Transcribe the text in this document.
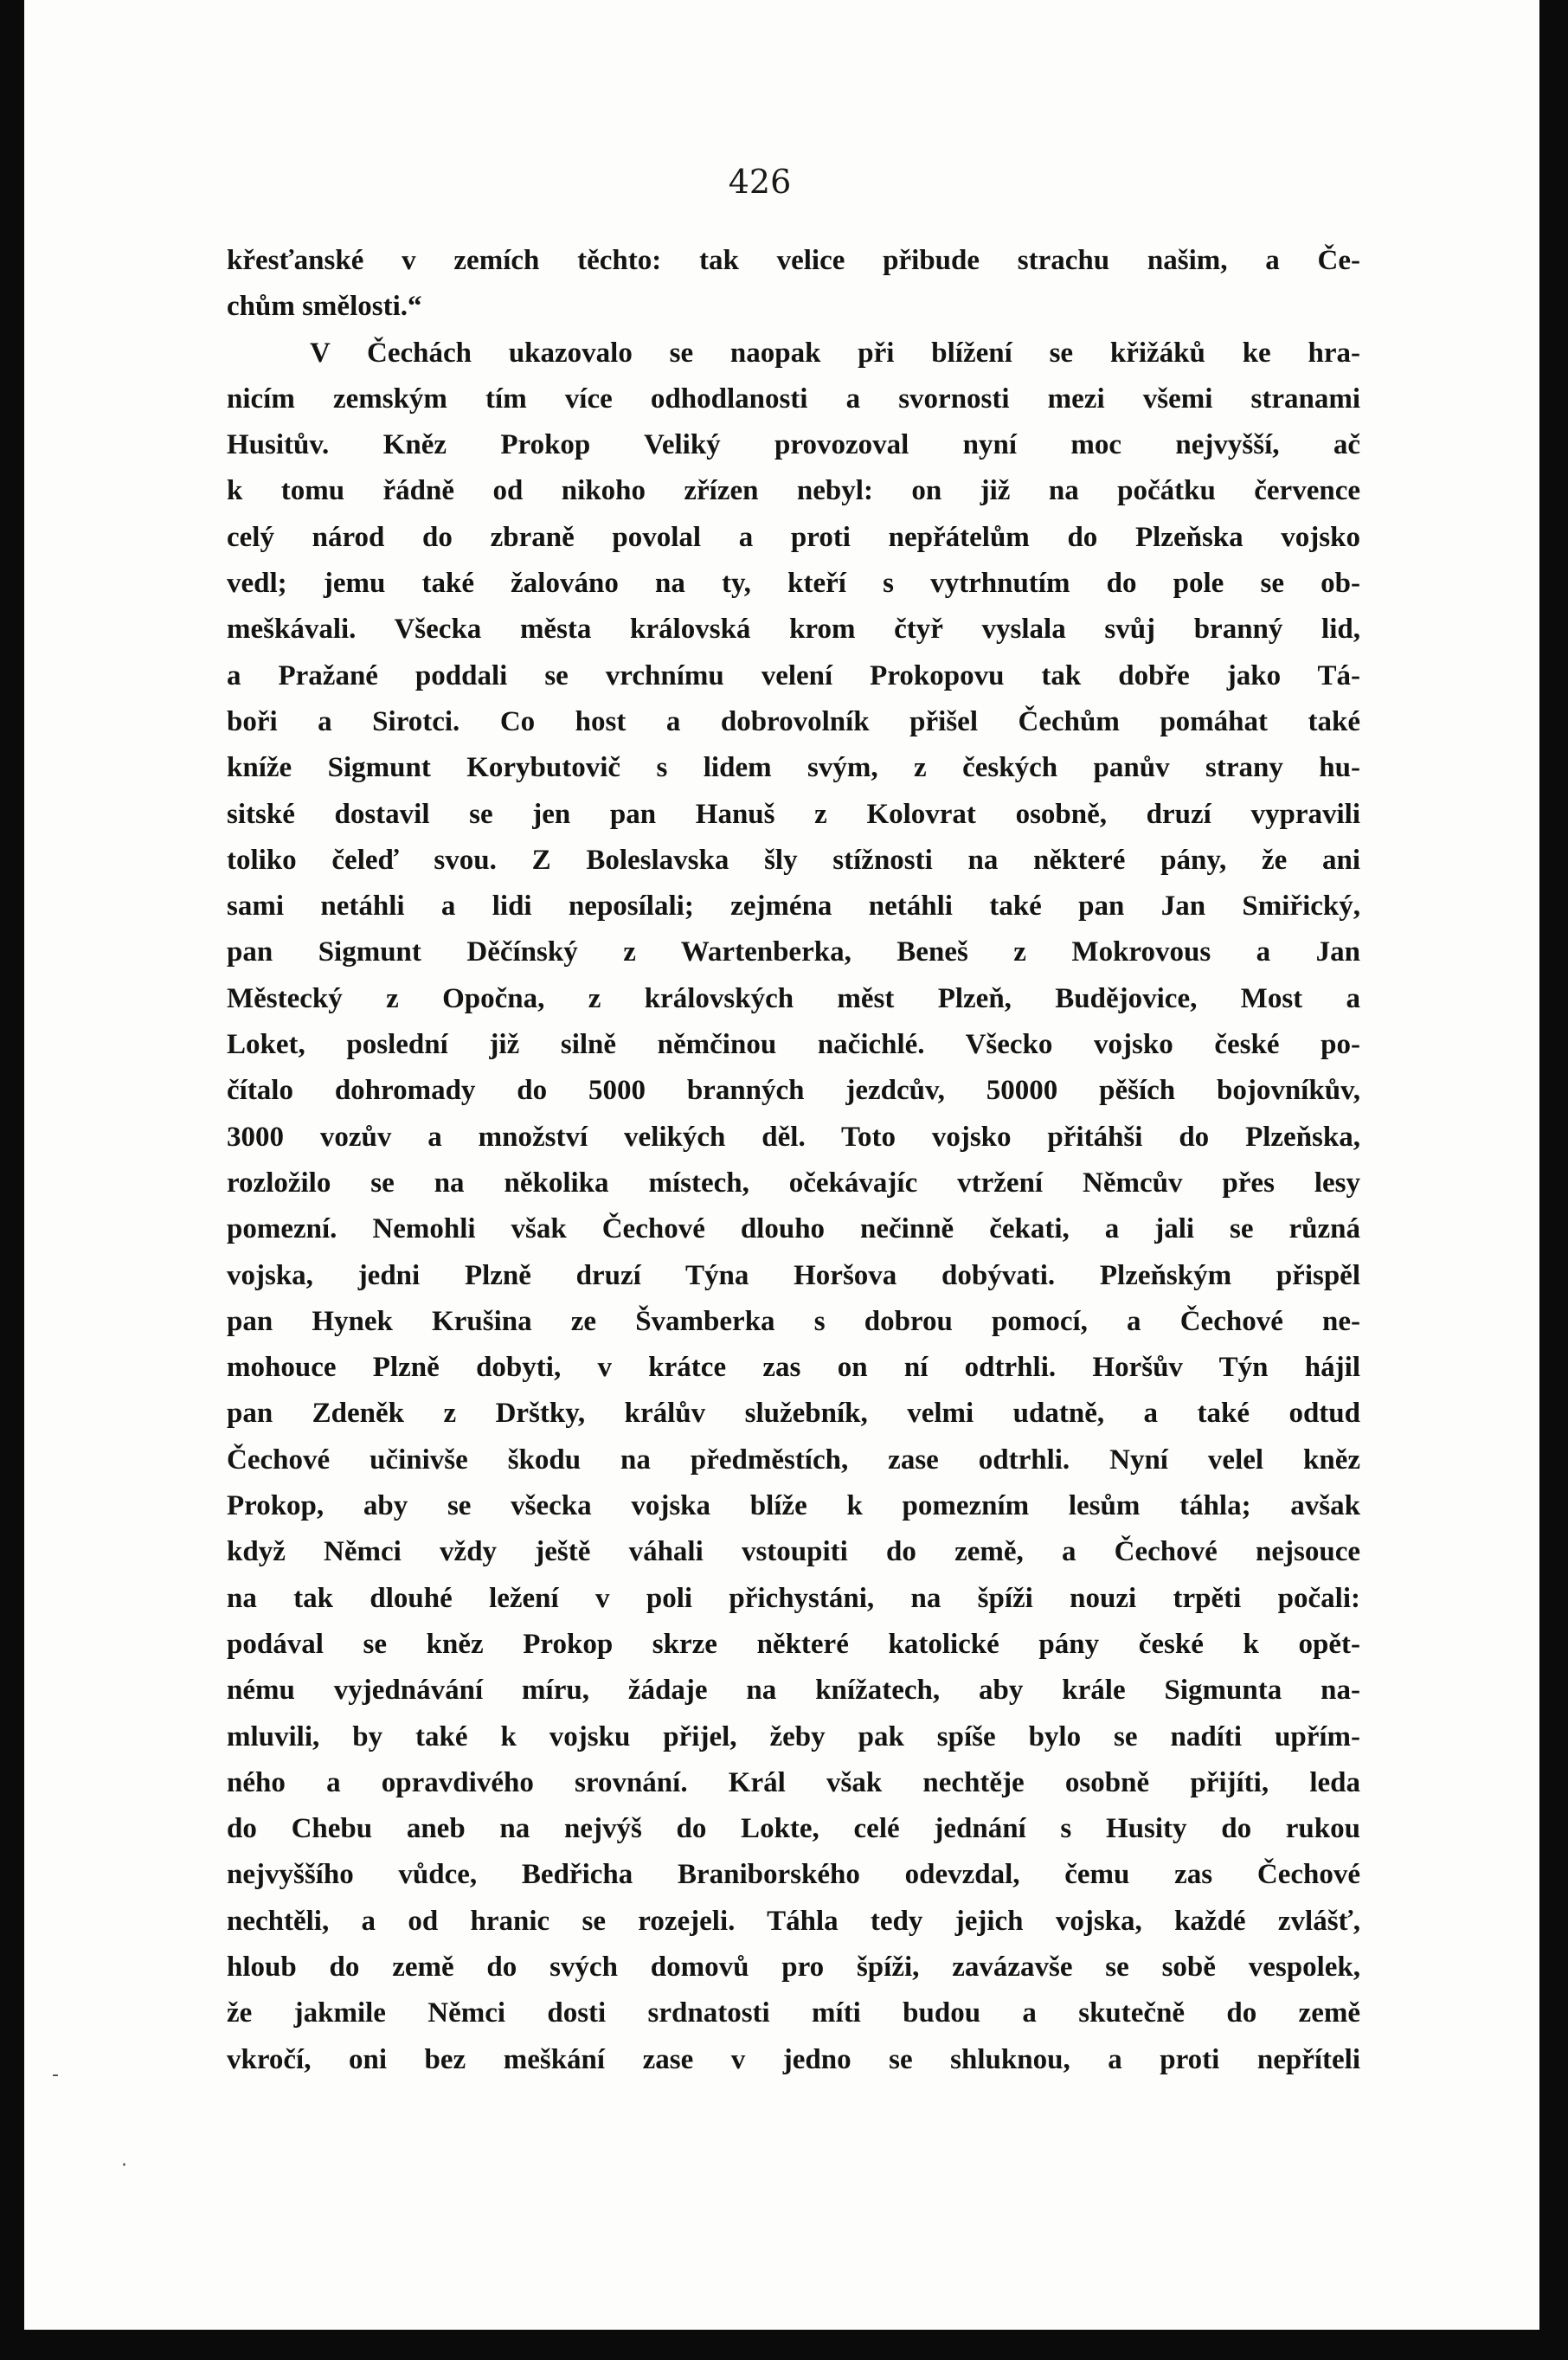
426
křesťanské v zemích těchto: tak velice přibude strachu našim, a Če-
chům smělosti.“
V Čechách ukazovalo se naopak při blížení se křižáků ke hra-
nicím zemským tím více odhodlanosti a svornosti mezi všemi stranami
Husitův. Kněz Prokop Veliký provozoval nyní moc nejvyšší, ač
k tomu řádně od nikoho zřízen nebyl: on již na počátku července
celý národ do zbraně povolal a proti nepřátelům do Plzeňska vojsko
vedl; jemu také žalováno na ty, kteří s vytrhnutím do pole se ob-
meškávali. Všecka města královská krom čtyř vyslala svůj branný lid,
a Pražané poddali se vrchnímu velení Prokopovu tak dobře jako Tá-
boři a Sirotci. Co host a dobrovolník přišel Čechům pomáhat také
kníže Sigmunt Korybutovič s lidem svým, z českých panův strany hu-
sitské dostavil se jen pan Hanuš z Kolovrat osobně, druzí vypravili
toliko čeleď svou. Z Boleslavska šly stížnosti na některé pány, že ani
sami netáhli a lidi neposílali; zejména netáhli také pan Jan Smiřický,
pan Sigmunt Děčínský z Wartenberka, Beneš z Mokrovous a Jan
Městecký z Opočna, z královských měst Plzeň, Budějovice, Most a
Loket, poslední již silně němčinou načichlé. Všecko vojsko české po-
čítalo dohromady do 5000 branných jezdcův, 50000 pěších bojovníkův,
3000 vozův a množství velikých děl. Toto vojsko přitáhši do Plzeňska,
rozložilo se na několika místech, očekávajíc vtržení Němcův přes lesy
pomezní. Nemohli však Čechové dlouho nečinně čekati, a jali se různá
vojska, jedni Plzně druzí Týna Horšova dobývati. Plzeňským přispěl
pan Hynek Krušina ze Švamberka s dobrou pomocí, a Čechové ne-
mohouce Plzně dobyti, v krátce zas on ní odtrhli. Horšův Týn hájil
pan Zdeněk z Drštky, králův služebník, velmi udatně, a také odtud
Čechové učinivše škodu na předměstích, zase odtrhli. Nyní velel kněz
Prokop, aby se všecka vojska blíže k pomezním lesům táhla; avšak
když Němci vždy ještě váhali vstoupiti do země, a Čechové nejsouce
na tak dlouhé ležení v poli přichystáni, na špíži nouzi trpěti počali:
podával se kněz Prokop skrze některé katolické pány české k opět-
nému vyjednávání míru, žádaje na knížatech, aby krále Sigmunta na-
mluvili, by také k vojsku přijel, žeby pak spíše bylo se nadíti upřím-
ného a opravdivého srovnání. Král však nechtěje osobně přijíti, leda
do Chebu aneb na nejvýš do Lokte, celé jednání s Husity do rukou
nejvyššího vůdce, Bedřicha Braniborského odevzdal, čemu zas Čechové
nechtěli, a od hranic se rozejeli. Táhla tedy jejich vojska, každé zvlášť,
hloub do země do svých domovů pro špíži, zavázavše se sobě vespolek,
že jakmile Němci dosti srdnatosti míti budou a skutečně do země
vkročí, oni bez meškání zase v jedno se shluknou, a proti nepříteli
-
·
